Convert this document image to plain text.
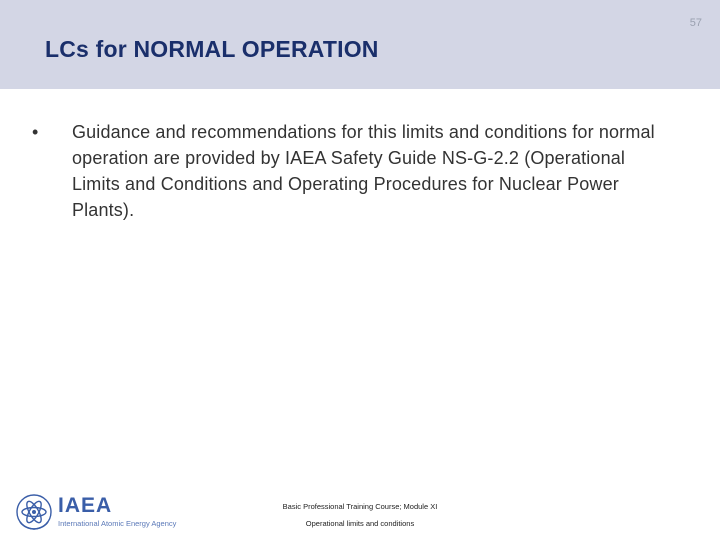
57
LCs for NORMAL OPERATION
•	Guidance and recommendations for this limits and conditions for normal operation are provided by IAEA Safety Guide NS-G-2.2 (Operational Limits and Conditions and Operating Procedures for Nuclear Power Plants).
IAEA
International Atomic Energy Agency
Basic Professional Training Course; Module XI
Operational limits and conditions
